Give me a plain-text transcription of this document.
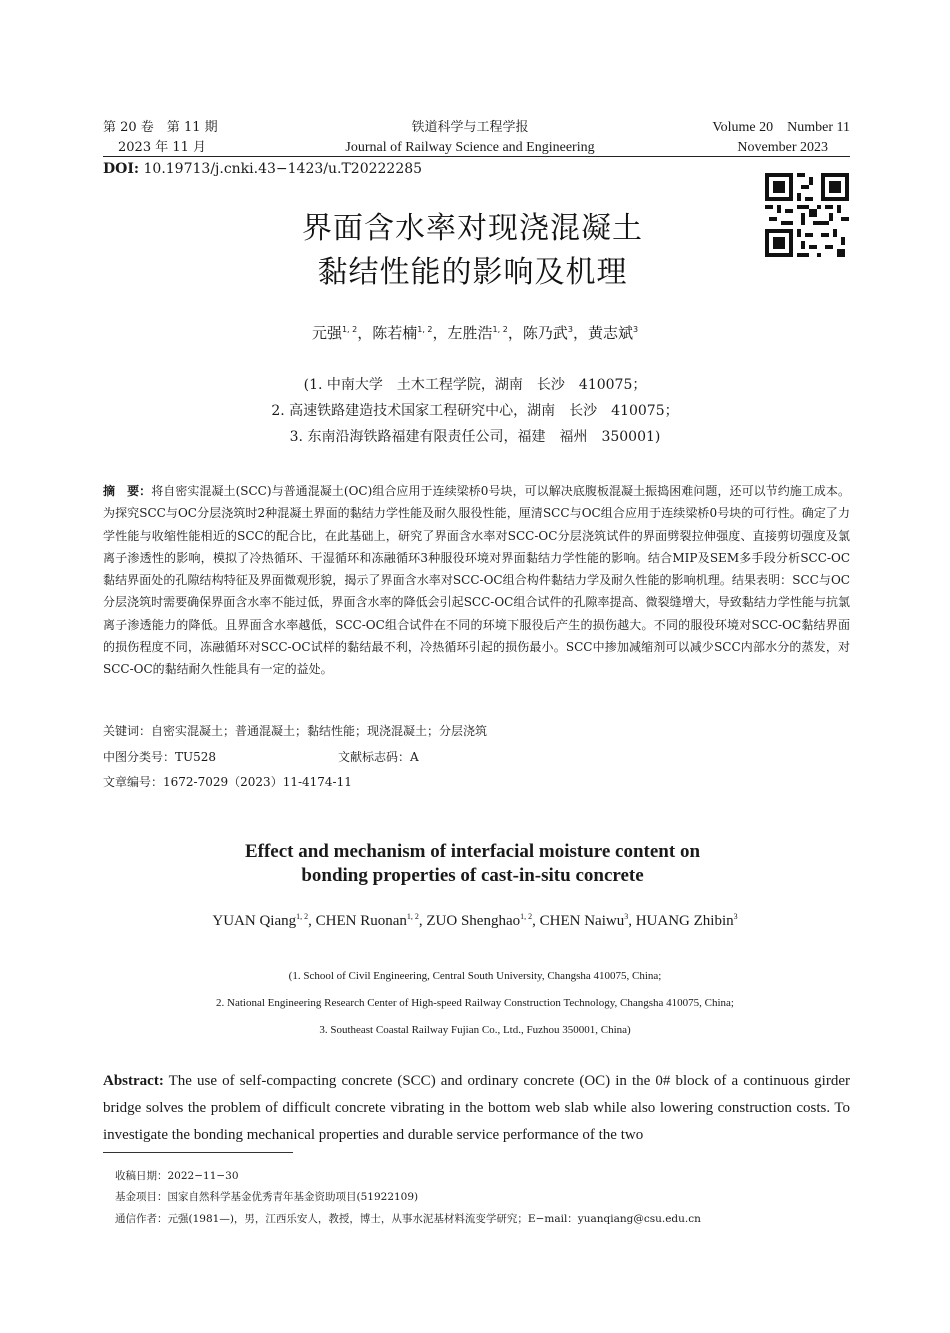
第 20 卷　第 11 期
2023 年 11 月
铁道科学与工程学报
Journal of Railway Science and Engineering
Volume 20　Number 11
November 2023
DOI: 10.19713/j.cnki.43−1423/u.T20222285
界面含水率对现浇混凝土
黏结性能的影响及机理
元强$^{1, 2}$，陈若楠$^{1, 2}$，左胜浩$^{1, 2}$，陈乃武$^3$，黄志斌$^3$
(1. 中南大学　土木工程学院，湖南　长沙　410075；
2. 高速铁路建造技术国家工程研究中心，湖南　长沙　410075；
3. 东南沿海铁路福建有限责任公司，福建　福州　350001)
摘　要：将自密实混凝土(SCC)与普通混凝土(OC)组合应用于连续梁桥0号块，可以解决底腹板混凝土振捣困难问题，还可以节约施工成本。为探究SCC与OC分层浇筑时2种混凝土界面的黏结力学性能及耐久服役性能，厘清SCC与OC组合应用于连续梁桥0号块的可行性。确定了力学性能与收缩性能相近的SCC的配合比，在此基础上，研究了界面含水率对SCC-OC分层浇筑试件的界面劈裂拉伸强度、直接剪切强度及氯离子渗透性的影响，模拟了冷热循环、干湿循环和冻融循环3种服役环境对界面黏结力学性能的影响。结合MIP及SEM多手段分析SCC-OC黏结界面处的孔隙结构特征及界面微观形貌，揭示了界面含水率对SCC-OC组合构件黏结力学及耐久性能的影响机理。结果表明：SCC与OC分层浇筑时需要确保界面含水率不能过低，界面含水率的降低会引起SCC-OC组合试件的孔隙率提高、微裂缝增大，导致黏结力学性能与抗氯离子渗透能力的降低。且界面含水率越低，SCC-OC组合试件在不同的环境下服役后产生的损伤越大。不同的服役环境对SCC-OC黏结界面的损伤程度不同，冻融循环对SCC-OC试样的黏结最不利，冷热循环引起的损伤最小。SCC中掺加减缩剂可以减少SCC内部水分的蒸发，对SCC-OC的黏结耐久性能具有一定的益处。
关键词：自密实混凝土；普通混凝土；黏结性能；现浇混凝土；分层浇筑
中图分类号：TU528	文献标志码：A
文章编号：1672-7029（2023）11-4174-11
Effect and mechanism of interfacial moisture content on
bonding properties of cast-in-situ concrete
YUAN Qiang$^{1, 2}$, CHEN Ruonan$^{1, 2}$, ZUO Shenghao$^{1, 2}$, CHEN Naiwu$^3$, HUANG Zhibin$^3$
(1. School of Civil Engineering, Central South University, Changsha 410075, China;
2. National Engineering Research Center of High-speed Railway Construction Technology, Changsha 410075, China;
3. Southeast Coastal Railway Fujian Co., Ltd., Fuzhou 350001, China)
Abstract: The use of self-compacting concrete (SCC) and ordinary concrete (OC) in the 0# block of a continuous girder bridge solves the problem of difficult concrete vibrating in the bottom web slab while also lowering construction costs. To investigate the bonding mechanical properties and durable service performance of the two
收稿日期：2022−11−30
基金项目：国家自然科学基金优秀青年基金资助项目(51922109)
通信作者：元强(1981—)，男，江西乐安人，教授，博士，从事水泥基材料流变学研究；E−mail：yuanqiang@csu.edu.cn
